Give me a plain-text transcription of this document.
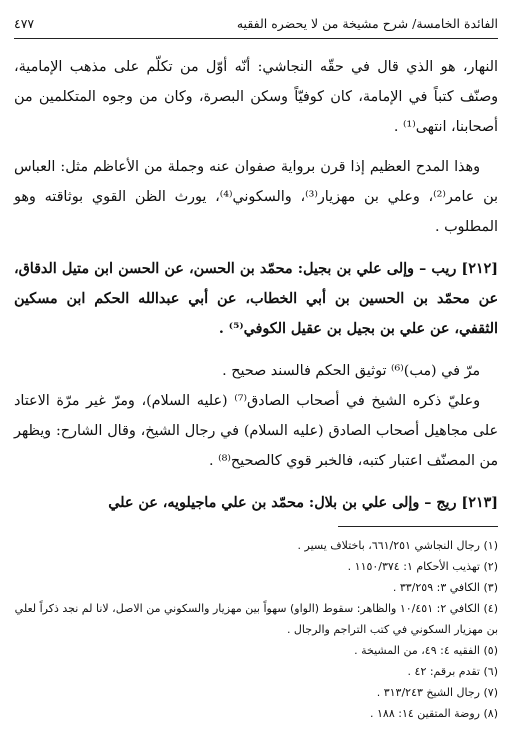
الفائدة الخامسة/ شرح مشيخة من لا يحضره الفقيه
٤٧٧

النهار، هو الذي قال في حقّه النجاشي: أنّه أوّل من تكلّم على مذهب الإمامية، وصنّف كتباً في الإمامة، كان كوفيّاً وسكن البصرة، وكان من وجوه المتكلمين من أصحابنا، انتهى⁽¹⁾ .

وهذا المدح العظيم إذا قرن برواية صفوان عنه وجملة من الأعاظم مثل: العباس بن عامر⁽²⁾، وعلي بن مهزيار⁽³⁾، والسكوني⁽⁴⁾، يورث الظن القوي بوثاقته وهو المطلوب .

[٢١٢] ريب – وإلى علي بن بجيل: محمّد بن الحسن، عن الحسن ابن متيل الدقاق، عن محمّد بن الحسين بن أبي الخطاب، عن أبي عبدالله الحكم ابن مسكين الثقفي، عن علي بن بجيل بن عقيل الكوفي⁽⁵⁾ .

مرّ في (مب)⁽⁶⁾ توثيق الحكم فالسند صحيح .

وعليّ ذكره الشيخ في أصحاب الصادق⁽⁷⁾ (عليه السلام)، ومرّ غير مرّة الاعتاد على مجاهيل أصحاب الصادق (عليه السلام) في رجال الشيخ، وقال الشارح: ويظهر من المصنّف اعتبار كتبه، فالخبر قوي كالصحيح⁽⁸⁾ .

[٢١٣] ريج – وإلى علي بن بلال: محمّد بن علي ماجيلويه، عن علي

(١) رجال النجاشي ٦٦١/٢٥١، باختلاف يسير .

(٢) تهذيب الأحكام ١: ١١٥٠/٣٧٤ .

(٣) الكافي ٣: ٣٣/٢٥٩ .

(٤) الكافي ٢: ١٠/٤٥١ والظاهر: سقوط (الواو) سهواً بين مهزيار والسكوني من الاصل، لانا لم نجد ذكراً لعلي بن مهزيار السكوني في كتب التراجم والرجال .

(٥) الفقيه ٤: ٤٩، من المشيخة .

(٦) تقدم برقم: ٤٢ .

(٧) رجال الشيخ ٣١٣/٢٤٣ .

(٨) روضة المتقين ١٤: ١٨٨ .
